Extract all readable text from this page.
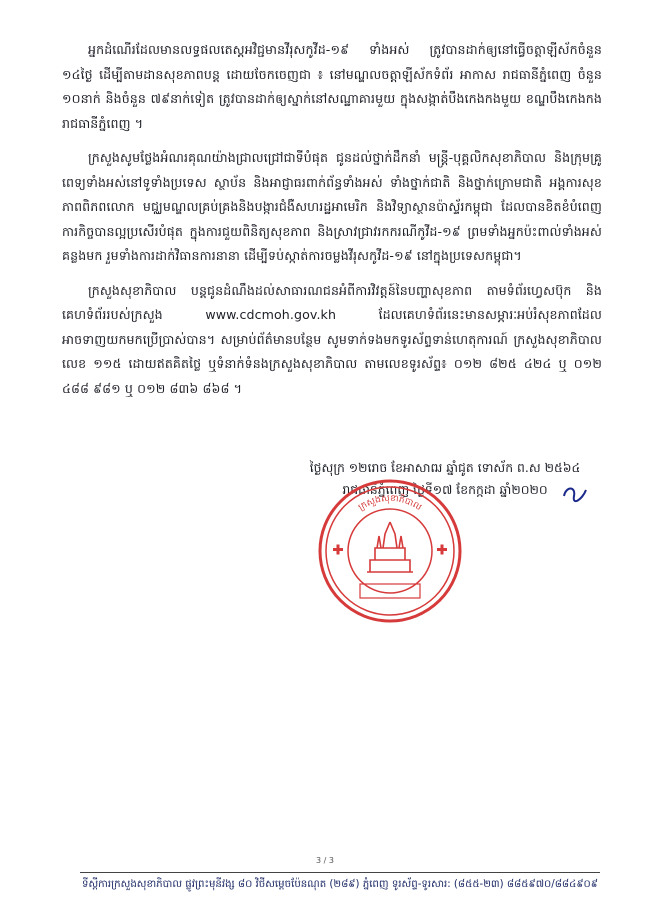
អ្នកដំណើរដែលមានលទ្ធផលតេស្តអវិជ្ជមានវីរុសកូវីដ-១៩ ទាំងអស់ ត្រូវបានដាក់ឲ្យនៅធ្វើចត្តាឡីស័កចំនួន ១៤ថ្ងៃ ដើម្បីតាមដានសុខភាពបន្ត ដោយចែកចេញជា ៖ នៅមណ្ឌលចត្តាឡីស័កទំព័រ អាកាស រាជធានីភ្នំពេញ ចំនួន ១០នាក់ និងចំនួន ៧៩នាក់ទៀត ត្រូវបានដាក់ឲ្យស្នាក់នៅសណ្ឋាគារមួយ ក្នុងសង្កាត់បឹងកេងកងមួយ ខណ្ឌបឹងកេងកង រាជធានីភ្នំពេញ ។

ក្រសួងសូមថ្លែងអំណរគុណយ៉ាងជ្រាលជ្រៅជាទីបំផុត ជូនដល់ថ្នាក់ដឹកនាំ មន្ត្រី-បុគ្គលិកសុខាភិបាល និងក្រុមគ្រូពេទ្យទាំងអស់នៅទូទាំងប្រទេស ស្ថាប័ន និងអាជ្ញាធរពាក់ព័ន្ធទាំងអស់ ទាំងថ្នាក់ជាតិ និងថ្នាក់ក្រោមជាតិ អង្គការសុខភាពពិភពលោក មជ្ឈមណ្ឌលគ្រប់គ្រងនិងបង្ការជំងឺសហរដ្ឋអាមេរិក និងវិទ្យាស្ថានប៉ាស្ទ័រកម្ពុជា ដែលបានខិតខំបំពេញការកិច្ចបានល្អប្រសើរបំផុត ក្នុងការជួយពិនិត្យសុខភាព និងស្រាវជ្រាវរកករណីកូវីដ-១៩ ព្រមទាំងអ្នកប៉ះពាល់ទាំងអស់គន្លងមក រួមទាំងការដាក់វិធានការនានា ដើម្បីទប់ស្កាត់ការចម្លងវីរុសកូវីដ-១៩ នៅក្នុងប្រទេសកម្ពុជា។

ក្រសួងសុខាភិបាល បន្តជូនដំណឹងដល់សាធារណជនអំពីការវិវត្តន៍នៃបញ្ហាសុខភាព តាមទំព័រហ្វេសប៊ុក និងគេហទំព័ររបស់ក្រសួង www.cdcmoh.gov.kh ដែលគេហទំព័រនេះមានសម្ភារៈអប់រំសុខភាពដែលអាចទាញយកមកប្រើប្រាស់បាន។ សម្រាប់ព័ត៌មានបន្ថែម សូមទាក់ទងមកទូរស័ព្ទទាន់ហេតុការណ៍ ក្រសួងសុខាភិបាល លេខ ១១៥ ដោយឥតគិតថ្លៃ ឬទំនាក់ទំនងក្រសួងសុខាភិបាល តាមលេខទូរស័ព្ទ៖ ០១២ ៨២៥ ៤២៤ ឬ ០១២ ៤៨៨ ៩៨១ ឬ ០១២ ៨៣៦ ៨៦៨ ។

ថ្ងៃសុក្រ ១២រោច ខែអាសាឍ ឆ្នាំជូត ទោស័ក ព.ស ២៥៦៤
រាជធានីភ្នំពេញ ថ្ងៃទី១៧ ខែកក្កដា ឆ្នាំ២០២០
ក្រសួងសុខាភិបាល
3 / 3
ទីស្តីការក្រសួងសុខាភិបាល ផ្លូវព្រះមុនីវង្ស ៨០ វិថីសម្តេចប៉ែនណុត (២៨៩) ភ្នំពេញ ទូរស័ព្ទ-ទូរសារ: (៨៥៥-២៣) ៨៨៥៩៧០/៨៨៤៩០៩
